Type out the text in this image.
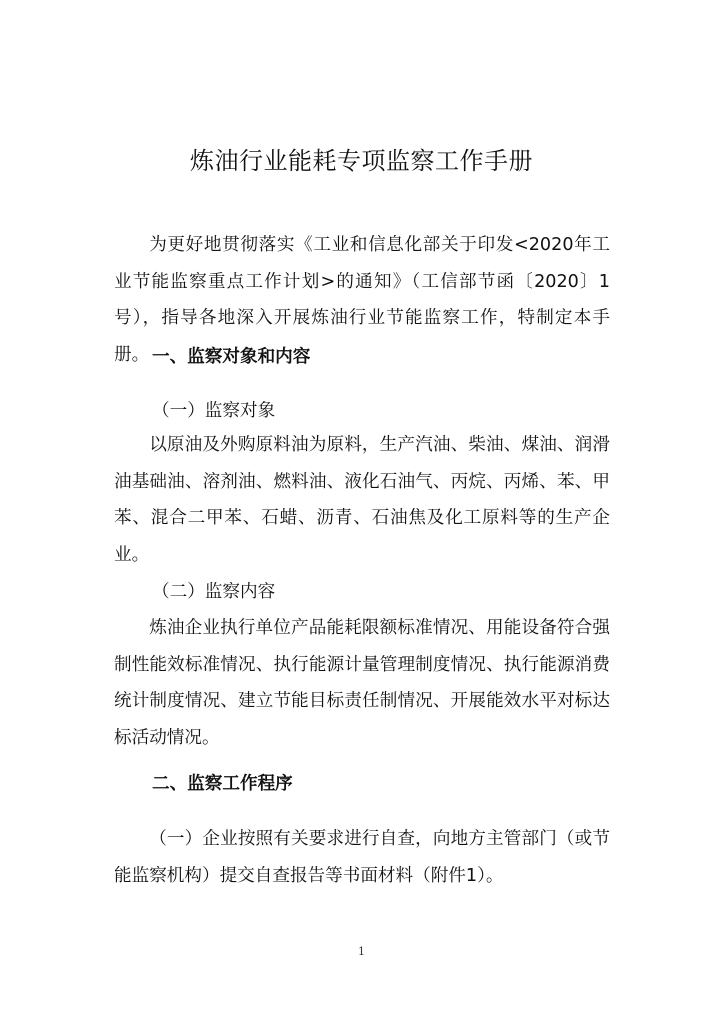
炼油行业能耗专项监察工作手册

为更好地贯彻落实《工业和信息化部关于印发<2020年工业节能监察重点工作计划>的通知》（工信部节函〔2020〕1号），指导各地深入开展炼油行业节能监察工作，特制定本手册。 一、监察对象和内容
（一）监察对象

以原油及外购原料油为原料，生产汽油、柴油、煤油、润滑油基础油、溶剂油、燃料油、液化石油气、丙烷、丙烯、苯、甲苯、混合二甲苯、石蜡、沥青、石油焦及化工原料等的生产企业。

（二）监察内容

炼油企业执行单位产品能耗限额标准情况、用能设备符合强制性能效标准情况、执行能源计量管理制度情况、执行能源消费统计制度情况、建立节能目标责任制情况、开展能效水平对标达标活动情况。

二、监察工作程序

（一）企业按照有关要求进行自查，向地方主管部门（或节能监察机构）提交自查报告等书面材料（附件1）。

1
